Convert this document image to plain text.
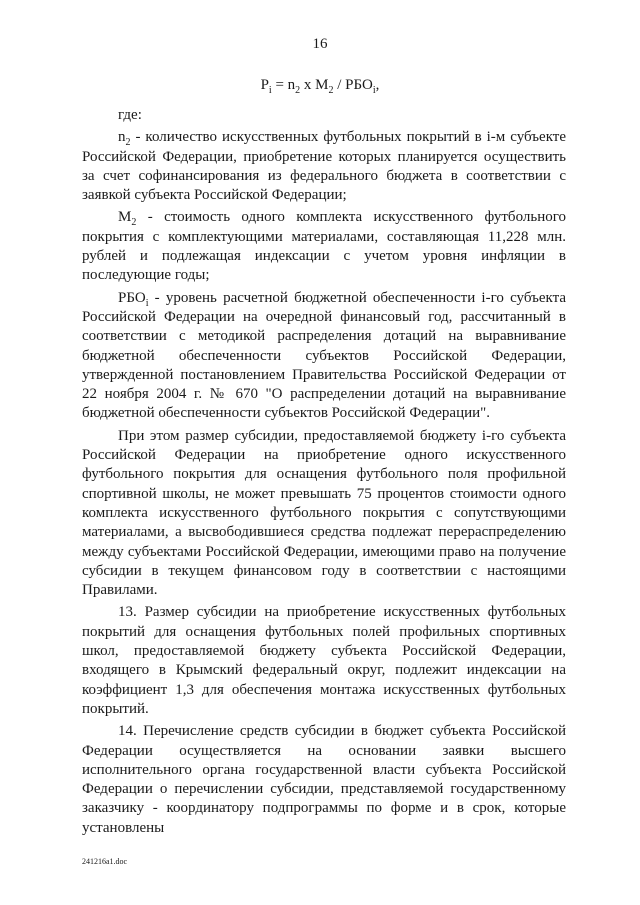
16
$P_i = n_2$ x $M_2 / РБО_i$,

где:

$n_2$ - количество искусственных футбольных покрытий в i-м субъекте Российской Федерации, приобретение которых планируется осуществить за счет софинансирования из федерального бюджета в соответствии с заявкой субъекта Российской Федерации;

$M_2$ - стоимость одного комплекта искусственного футбольного покрытия с комплектующими материалами, составляющая 11,228 млн. рублей и подлежащая индексации с учетом уровня инфляции в последующие годы;

$РБО_i$ - уровень расчетной бюджетной обеспеченности i-го субъекта Российской Федерации на очередной финансовый год, рассчитанный в соответствии с методикой распределения дотаций на выравнивание бюджетной обеспеченности субъектов Российской Федерации, утвержденной постановлением Правительства Российской Федерации от 22 ноября 2004 г. № 670 "О распределении дотаций на выравнивание бюджетной обеспеченности субъектов Российской Федерации".

При этом размер субсидии, предоставляемой бюджету i-го субъекта Российской Федерации на приобретение одного искусственного футбольного покрытия для оснащения футбольного поля профильной спортивной школы, не может превышать 75 процентов стоимости одного комплекта искусственного футбольного покрытия с сопутствующими материалами, а высвободившиеся средства подлежат перераспределению между субъектами Российской Федерации, имеющими право на получение субсидии в текущем финансовом году в соответствии с настоящими Правилами.

13. Размер субсидии на приобретение искусственных футбольных покрытий для оснащения футбольных полей профильных спортивных школ, предоставляемой бюджету субъекта Российской Федерации, входящего в Крымский федеральный округ, подлежит индексации на коэффициент 1,3 для обеспечения монтажа искусственных футбольных покрытий.

14. Перечисление средств субсидии в бюджет субъекта Российской Федерации осуществляется на основании заявки высшего исполнительного органа государственной власти субъекта Российской Федерации о перечислении субсидии, представляемой государственному заказчику - координатору подпрограммы по форме и в срок, которые установлены

241216a1.doc
